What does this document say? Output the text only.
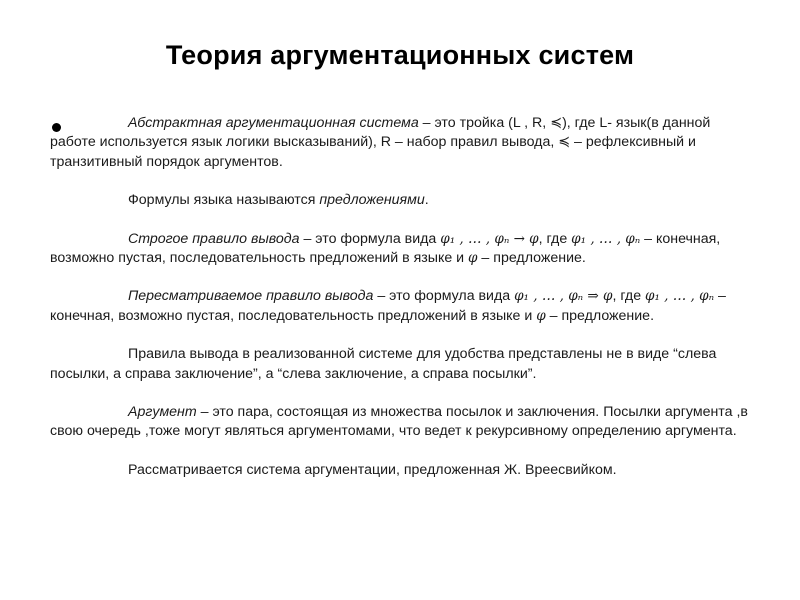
Теория аргументационных систем

Абстрактная аргументационная система – это тройка (L , R, ≼), где L- язык(в данной работе используется язык логики высказываний), R – набор правил вывода, ≼ – рефлексивный и транзитивный порядок аргументов.

Формулы языка называются предложениями.

Строгое правило вывода – это формула вида φ₁ , … , φₙ → φ, где φ₁ , … , φₙ – конечная, возможно пустая, последовательность предложений в языке и φ – предложение.

Пересматриваемое правило вывода – это формула вида φ₁ , … , φₙ ⇒ φ, где φ₁ , … , φₙ – конечная, возможно пустая, последовательность предложений в языке и φ – предложение.

Правила вывода в реализованной системе для удобства представлены не в виде “слева посылки, а справа заключение”, а “слева заключение, а справа посылки”.

Аргумент – это пара, состоящая из множества посылок и заключения. Посылки аргумента ,в свою очередь ,тоже могут являться аргументомами, что ведет к рекурсивному определению аргумента.

Рассматривается система аргументации, предложенная Ж. Вреесвийком.
